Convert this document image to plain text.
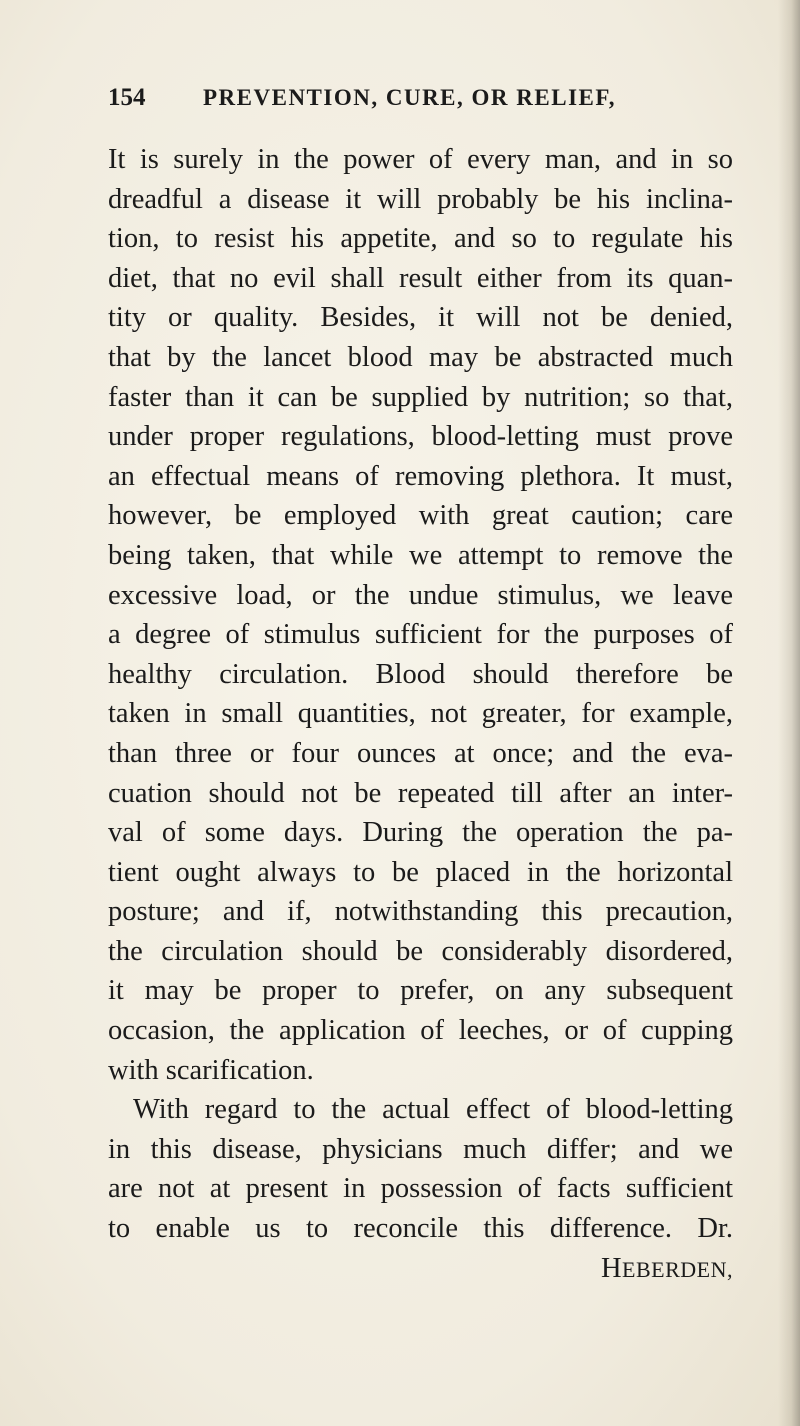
154	PREVENTION, CURE, OR RELIEF,
It is surely in the power of every man, and in so
dreadful a disease it will probably be his inclina-
tion, to resist his appetite, and so to regulate his
diet, that no evil shall result either from its quan-
tity or quality. Besides, it will not be denied,
that by the lancet blood may be abstracted much
faster than it can be supplied by nutrition; so that,
under proper regulations, blood-letting must prove
an effectual means of removing plethora. It must,
however, be employed with great caution; care
being taken, that while we attempt to remove the
excessive load, or the undue stimulus, we leave
a degree of stimulus sufficient for the purposes of
healthy circulation. Blood should therefore be
taken in small quantities, not greater, for example,
than three or four ounces at once; and the eva-
cuation should not be repeated till after an inter-
val of some days. During the operation the pa-
tient ought always to be placed in the horizontal
posture; and if, notwithstanding this precaution,
the circulation should be considerably disordered,
it may be proper to prefer, on any subsequent
occasion, the application of leeches, or of cupping
with scarification.
With regard to the actual effect of blood-letting
in this disease, physicians much differ; and we
are not at present in possession of facts sufficient
to enable us to reconcile this difference. Dr.
HEBERDEN,
